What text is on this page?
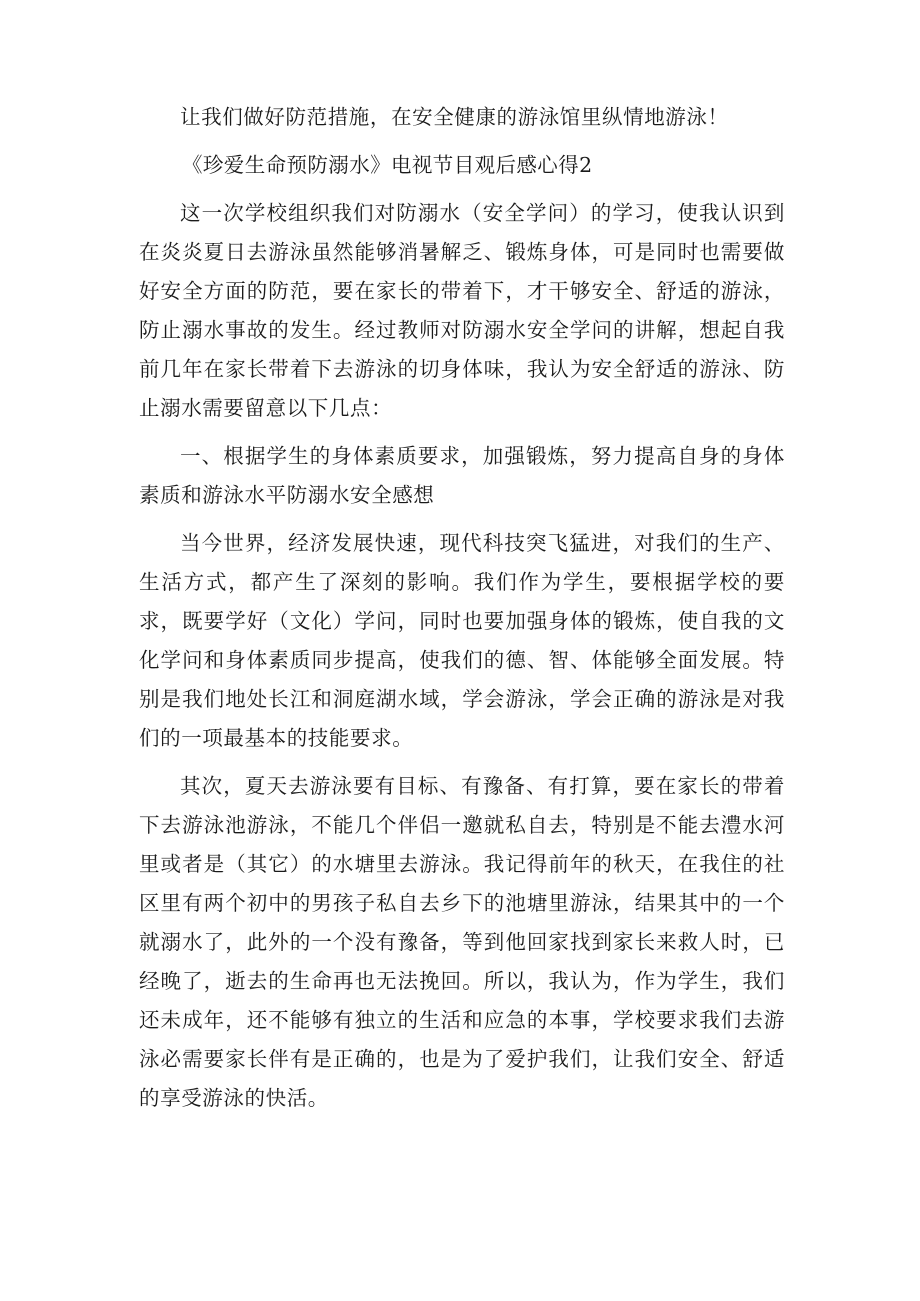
让我们做好防范措施，在安全健康的游泳馆里纵情地游泳！

《珍爱生命预防溺水》电视节目观后感心得2

这一次学校组织我们对防溺水（安全学问）的学习，使我认识到在炎炎夏日去游泳虽然能够消暑解乏、锻炼身体，可是同时也需要做好安全方面的防范，要在家长的带着下，才干够安全、舒适的游泳，防止溺水事故的发生。经过教师对防溺水安全学问的讲解，想起自我前几年在家长带着下去游泳的切身体味，我认为安全舒适的游泳、防止溺水需要留意以下几点：

一、根据学生的身体素质要求，加强锻炼，努力提高自身的身体素质和游泳水平防溺水安全感想

当今世界，经济发展快速，现代科技突飞猛进，对我们的生产、生活方式，都产生了深刻的影响。我们作为学生，要根据学校的要求，既要学好（文化）学问，同时也要加强身体的锻炼，使自我的文化学问和身体素质同步提高，使我们的德、智、体能够全面发展。特别是我们地处长江和洞庭湖水域，学会游泳，学会正确的游泳是对我们的一项最基本的技能要求。

其次，夏天去游泳要有目标、有豫备、有打算，要在家长的带着下去游泳池游泳，不能几个伴侣一邀就私自去，特别是不能去澧水河里或者是（其它）的水塘里去游泳。我记得前年的秋天，在我住的社区里有两个初中的男孩子私自去乡下的池塘里游泳，结果其中的一个就溺水了，此外的一个没有豫备，等到他回家找到家长来救人时，已经晚了，逝去的生命再也无法挽回。所以，我认为，作为学生，我们还未成年，还不能够有独立的生活和应急的本事，学校要求我们去游泳必需要家长伴有是正确的，也是为了爱护我们，让我们安全、舒适的享受游泳的快活。
